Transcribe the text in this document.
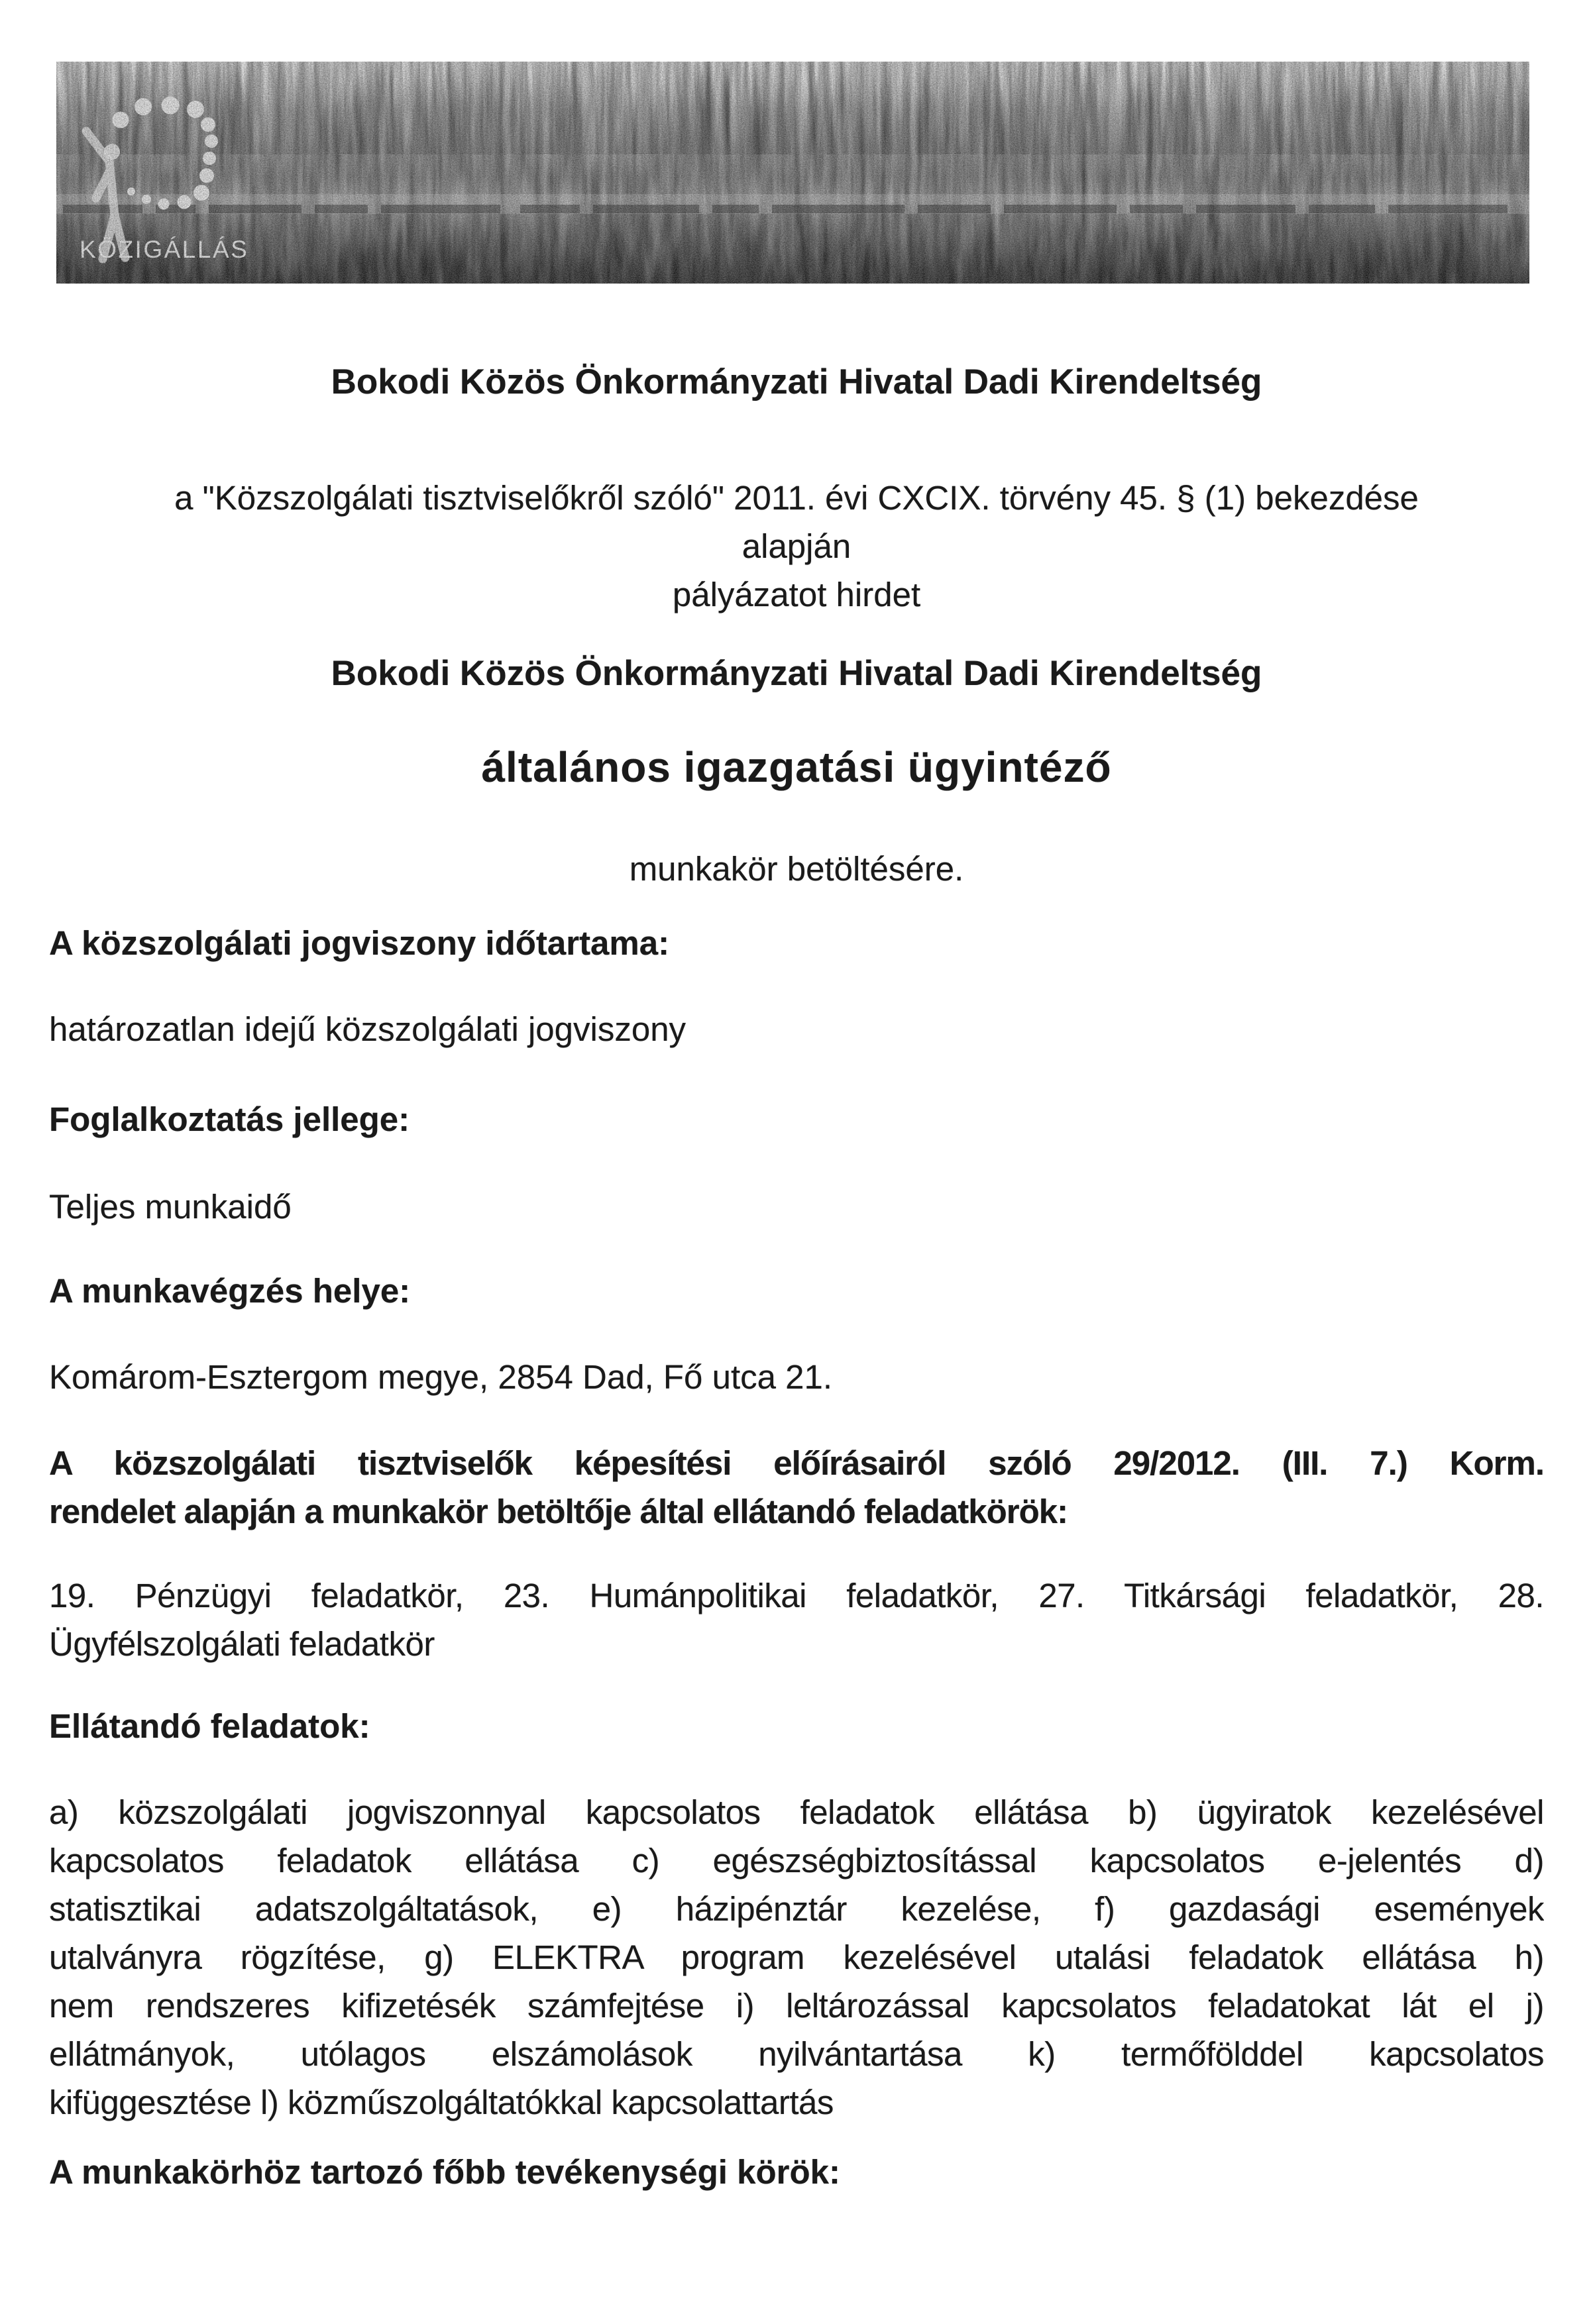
Bokodi Közös Önkormányzati Hivatal Dadi Kirendeltség
a "Közszolgálati tisztviselőkről szóló" 2011. évi CXCIX. törvény 45. § (1) bekezdése
alapján
pályázatot hirdet
Bokodi Közös Önkormányzati Hivatal Dadi Kirendeltség
általános igazgatási ügyintéző
munkakör betöltésére.
A közszolgálati jogviszony időtartama:
határozatlan idejű közszolgálati jogviszony
Foglalkoztatás jellege:
Teljes munkaidő
A munkavégzés helye:
Komárom-Esztergom megye, 2854 Dad, Fő utca 21.
A közszolgálati tisztviselők képesítési előírásairól szóló 29/2012. (III. 7.) Korm.
rendelet alapján a munkakör betöltője által ellátandó feladatkörök:
19. Pénzügyi feladatkör, 23. Humánpolitikai feladatkör, 27. Titkársági feladatkör, 28.
Ügyfélszolgálati feladatkör
Ellátandó feladatok:
a) közszolgálati jogviszonnyal kapcsolatos feladatok ellátása b) ügyiratok kezelésével
kapcsolatos feladatok ellátása c) egészségbiztosítással kapcsolatos e-jelentés d)
statisztikai adatszolgáltatások, e) házipénztár kezelése, f) gazdasági események
utalványra rögzítése, g) ELEKTRA program kezelésével utalási feladatok ellátása h)
nem rendszeres kifizetésék számfejtése i) leltározással kapcsolatos feladatokat lát el j)
ellátmányok, utólagos elszámolások nyilvántartása k) termőfölddel kapcsolatos
kifüggesztése l) közműszolgáltatókkal kapcsolattartás
A munkakörhöz tartozó főbb tevékenységi körök:
